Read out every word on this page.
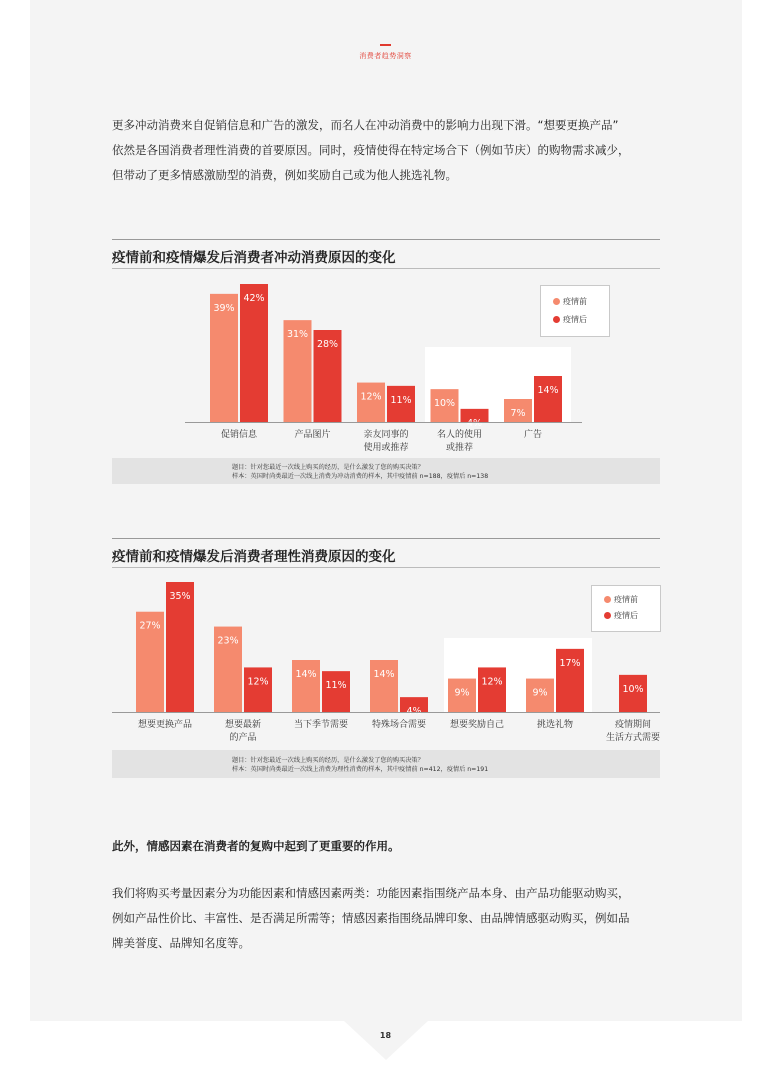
消费者趋势洞察
更多冲动消费来自促销信息和广告的激发，而名人在冲动消费中的影响力出现下滑。“想要更换产品”
依然是各国消费者理性消费的首要原因。同时，疫情使得在特定场合下（例如节庆）的购物需求减少，
但带动了更多情感激励型的消费，例如奖励自己或为他人挑选礼物。
疫情前和疫情爆发后消费者冲动消费原因的变化
39%
42%
促销信息
31%
28%
产品图片
12% 11%
亲友同事的
使用或推荐
10%
4%
名人的使用
或推荐
7%
14%
广告
疫情前
疫情后
题目：针对您最近一次线上购买的经历，是什么激发了您的购买决策？
样本：英国时尚类最近一次线上消费为冲动消费的样本，其中疫情前 n=188，疫情后 n=138
疫情前和疫情爆发后消费者理性消费原因的变化
27%
35%
想要更换产品
23%
12%
想要最新
的产品
14%
11%
当下季节需要
14%
4%
特殊场合需要
9%
12%
想要奖励自己
9%
17%
挑选礼物
10%
疫情期间
生活方式需要
疫情前
疫情后
题目：针对您最近一次线上购买的经历，是什么激发了您的购买决策？
样本：英国时尚类最近一次线上消费为理性消费的样本，其中疫情前 n=412，疫情后 n=191
此外，情感因素在消费者的复购中起到了更重要的作用。
我们将购买考量因素分为功能因素和情感因素两类：功能因素指围绕产品本身、由产品功能驱动购买，
例如产品性价比、丰富性、是否满足所需等；情感因素指围绕品牌印象、由品牌情感驱动购买，例如品
牌美誉度、品牌知名度等。
18
